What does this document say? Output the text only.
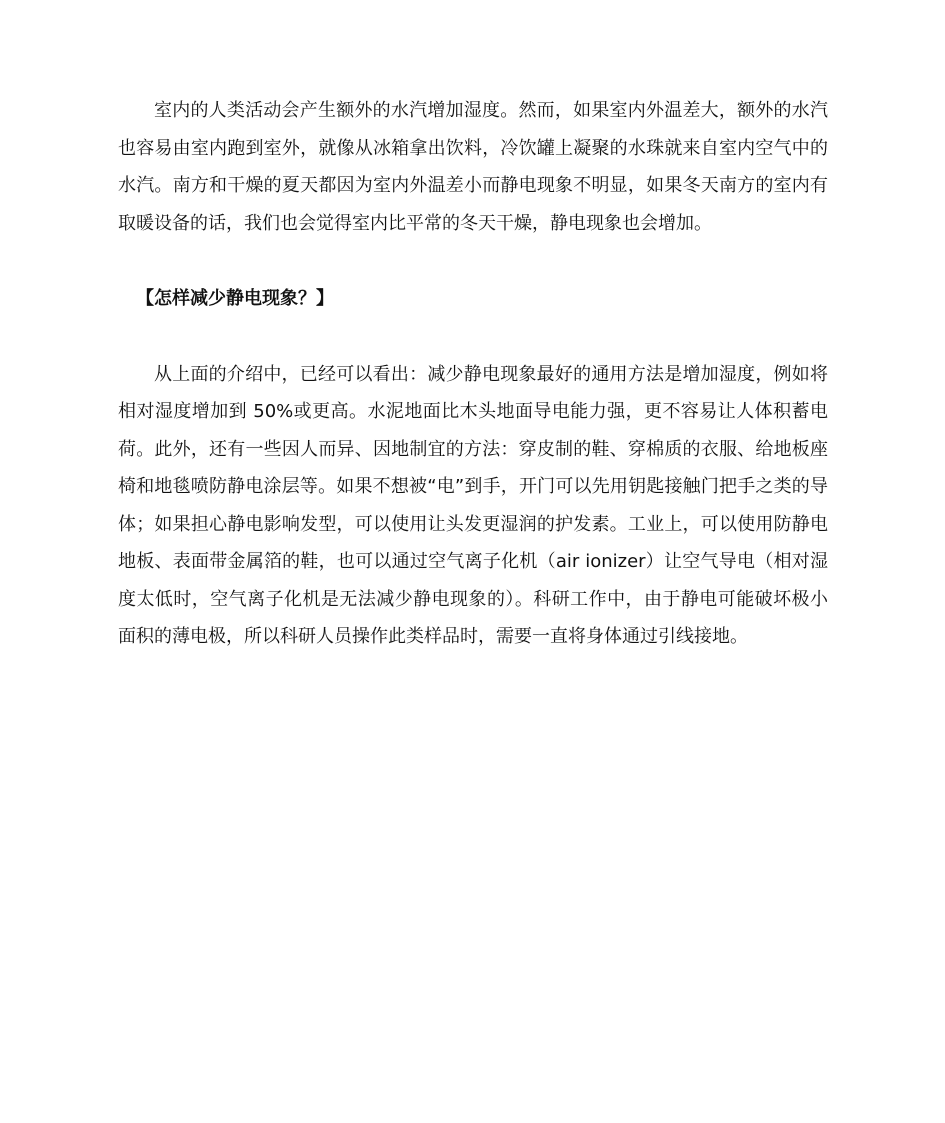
室内的人类活动会产生额外的水汽增加湿度。然而，如果室内外温差大，额外的水汽也容易由室内跑到室外，就像从冰箱拿出饮料，冷饮罐上凝聚的水珠就来自室内空气中的水汽。南方和干燥的夏天都因为室内外温差小而静电现象不明显，如果冬天南方的室内有取暖设备的话，我们也会觉得室内比平常的冬天干燥，静电现象也会增加。

【怎样减少静电现象？】

从上面的介绍中，已经可以看出：减少静电现象最好的通用方法是增加湿度，例如将相对湿度增加到 50%或更高。水泥地面比木头地面导电能力强，更不容易让人体积蓄电荷。此外，还有一些因人而异、因地制宜的方法：穿皮制的鞋、穿棉质的衣服、给地板座椅和地毯喷防静电涂层等。如果不想被“电”到手，开门可以先用钥匙接触门把手之类的导体；如果担心静电影响发型，可以使用让头发更湿润的护发素。工业上，可以使用防静电地板、表面带金属箔的鞋，也可以通过空气离子化机（air ionizer）让空气导电（相对湿度太低时，空气离子化机是无法减少静电现象的）。科研工作中，由于静电可能破坏极小面积的薄电极，所以科研人员操作此类样品时，需要一直将身体通过引线接地。
